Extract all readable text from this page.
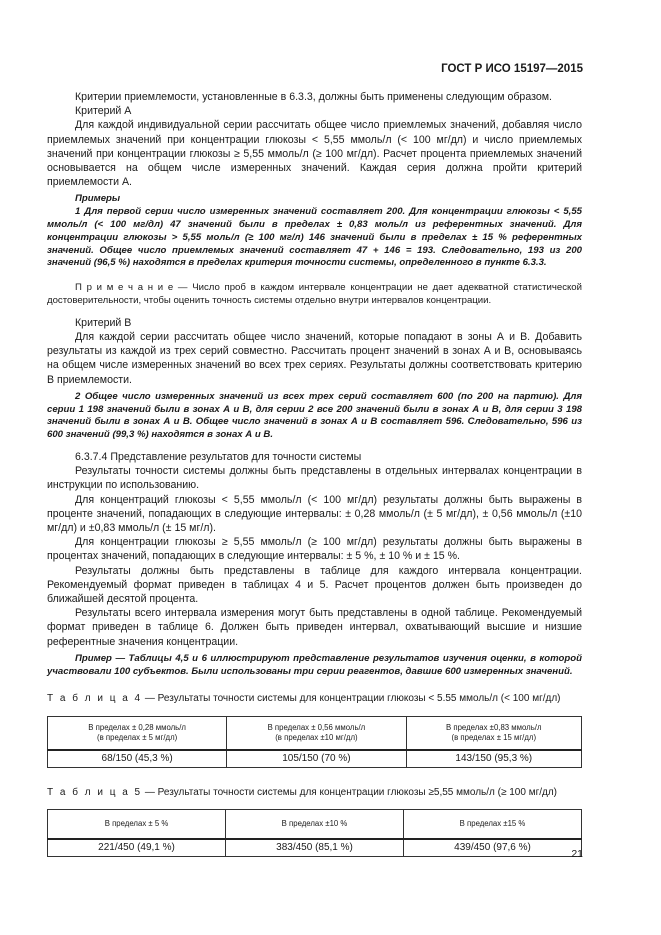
ГОСТ Р ИСО 15197—2015

Критерии приемлемости, установленные в 6.3.3, должны быть применены следующим образом.

Критерий А

Для каждой индивидуальной серии рассчитать общее число приемлемых значений, добавляя число приемлемых значений при концентрации глюкозы < 5,55 ммоль/л (< 100 мг/дл) и число приемлемых значений при концентрации глюкозы ≥ 5,55 ммоль/л (≥ 100 мг/дл). Расчет процента приемлемых значений основывается на общем числе измеренных значений. Каждая серия должна пройти критерий приемлемости А.

Примеры

1 Для первой серии число измеренных значений составляет 200. Для концентрации глюкозы < 5,55 ммоль/л (< 100 мг/дл) 47 значений были в пределах ± 0,83 моль/л из референтных значений. Для концентрации глюкозы > 5,55 моль/л (≥ 100 мг/л) 146 значений были в пределах ± 15 % референтных значений. Общее число приемлемых значений составляет 47 + 146 = 193. Следовательно, 193 из 200 значений (96,5 %) находятся в пределах критерия точности системы, определенного в пункте 6.3.3.

П р и м е ч а н и е — Число проб в каждом интервале концентрации не дает адекватной статистической достоверительности, чтобы оценить точность системы отдельно внутри интервалов концентрации.

Критерий В

Для каждой серии рассчитать общее число значений, которые попадают в зоны А и В. Добавить результаты из каждой из трех серий совместно. Рассчитать процент значений в зонах А и В, основываясь на общем числе измеренных значений во всех трех сериях. Результаты должны соответствовать критерию В приемлемости.

2 Общее число измеренных значений из всех трех серий составляет 600 (по 200 на партию). Для серии 1 198 значений были в зонах А и В, для серии 2 все 200 значений были в зонах А и В, для серии 3 198 значений были в зонах А и В. Общее число значений в зонах А и В составляет 596. Следовательно, 596 из 600 значений (99,3 %) находятся в зонах А и В.

6.3.7.4 Представление результатов для точности системы

Результаты точности системы должны быть представлены в отдельных интервалах концентрации в инструкции по использованию.

Для концентраций глюкозы < 5,55 ммоль/л (< 100 мг/дл) результаты должны быть выражены в проценте значений, попадающих в следующие интервалы: ± 0,28 ммоль/л (± 5 мг/дл), ± 0,56 ммоль/л (±10 мг/дл) и ±0,83 ммоль/л (± 15 мг/л).

Для концентрации глюкозы ≥ 5,55 ммоль/л (≥ 100 мг/дл) результаты должны быть выражены в процентах значений, попадающих в следующие интервалы: ± 5 %, ± 10 % и ± 15 %.

Результаты должны быть представлены в таблице для каждого интервала концентрации. Рекомендуемый формат приведен в таблицах 4 и 5. Расчет процентов должен быть произведен до ближайшей десятой процента.

Результаты всего интервала измерения могут быть представлены в одной таблице. Рекомендуемый формат приведен в таблице 6. Должен быть приведен интервал, охватывающий высшие и низшие референтные значения концентрации.

Пример — Таблицы 4,5 и 6 иллюстрируют представление результатов изучения оценки, в которой участвовали 100 субъектов. Были использованы три серии реагентов, давшие 600 измеренных значений.

Т а б л и ц а 4 — Результаты точности системы для концентрации глюкозы < 5.55 ммоль/л (< 100 мг/дл)

В пределах ± 0,28 ммоль/л
(в пределах ± 5 мг/дл)	В пределах ± 0,56 ммоль/л
(в пределах ±10 мг/дл)	В пределах ±0,83 ммоль/л
(в пределах ± 15 мг/дл)
68/150 (45,3 %)	105/150 (70 %)	143/150 (95,3 %)

Т а б л и ц а 5 — Результаты точности системы для концентрации глюкозы ≥5,55 ммоль/л (≥ 100 мг/дл)

В пределах ± 5 %	В пределах ±10 %	В пределах ±15 %
221/450 (49,1 %)	383/450 (85,1 %)	439/450 (97,6 %)
21
